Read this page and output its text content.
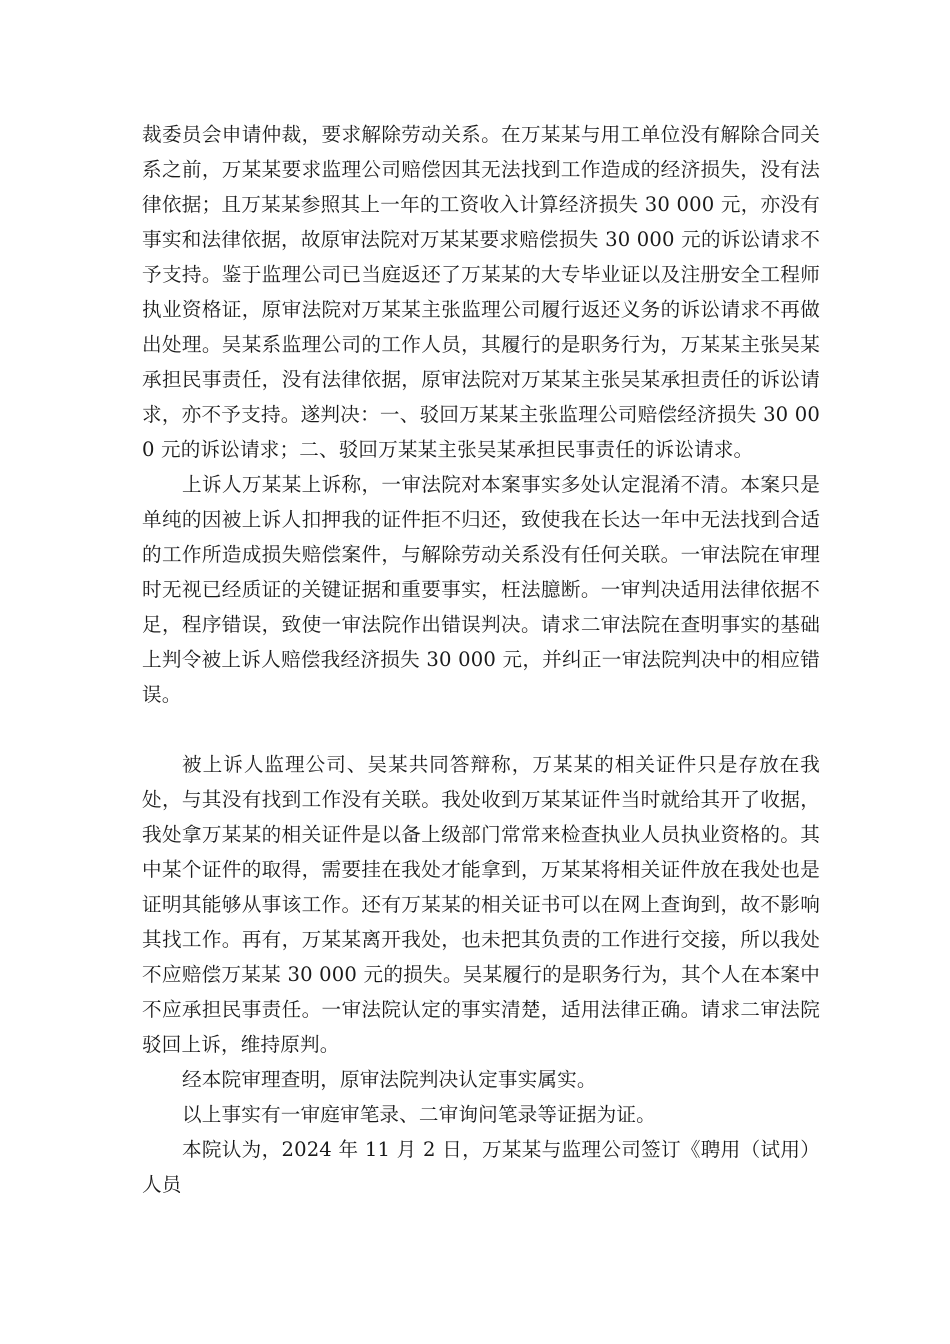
裁委员会申请仲裁，要求解除劳动关系。在万某某与用工单位没有解除合同关系之前，万某某要求监理公司赔偿因其无法找到工作造成的经济损失，没有法律依据；且万某某参照其上一年的工资收入计算经济损失 30 000 元，亦没有事实和法律依据，故原审法院对万某某要求赔偿损失 30 000 元的诉讼请求不予支持。鉴于监理公司已当庭返还了万某某的大专毕业证以及注册安全工程师执业资格证，原审法院对万某某主张监理公司履行返还义务的诉讼请求不再做出处理。吴某系监理公司的工作人员，其履行的是职务行为，万某某主张吴某承担民事责任，没有法律依据，原审法院对万某某主张吴某承担责任的诉讼请求，亦不予支持。遂判决：一、驳回万某某主张监理公司赔偿经济损失 30 000 元的诉讼请求；二、驳回万某某主张吴某承担民事责任的诉讼请求。

上诉人万某某上诉称，一审法院对本案事实多处认定混淆不清。本案只是单纯的因被上诉人扣押我的证件拒不归还，致使我在长达一年中无法找到合适的工作所造成损失赔偿案件，与解除劳动关系没有任何关联。一审法院在审理时无视已经质证的关键证据和重要事实，枉法臆断。一审判决适用法律依据不足，程序错误，致使一审法院作出错误判决。请求二审法院在查明事实的基础上判令被上诉人赔偿我经济损失 30 000 元，并纠正一审法院判决中的相应错误。

被上诉人监理公司、吴某共同答辩称，万某某的相关证件只是存放在我处，与其没有找到工作没有关联。我处收到万某某证件当时就给其开了收据，我处拿万某某的相关证件是以备上级部门常常来检查执业人员执业资格的。其中某个证件的取得，需要挂在我处才能拿到，万某某将相关证件放在我处也是证明其能够从事该工作。还有万某某的相关证书可以在网上查询到，故不影响其找工作。再有，万某某离开我处，也未把其负责的工作进行交接，所以我处不应赔偿万某某 30 000 元的损失。吴某履行的是职务行为，其个人在本案中不应承担民事责任。一审法院认定的事实清楚，适用法律正确。请求二审法院驳回上诉，维持原判。

经本院审理查明，原审法院判决认定事实属实。

以上事实有一审庭审笔录、二审询问笔录等证据为证。

本院认为，2024 年 11 月 2 日，万某某与监理公司签订《聘用（试用）人员
